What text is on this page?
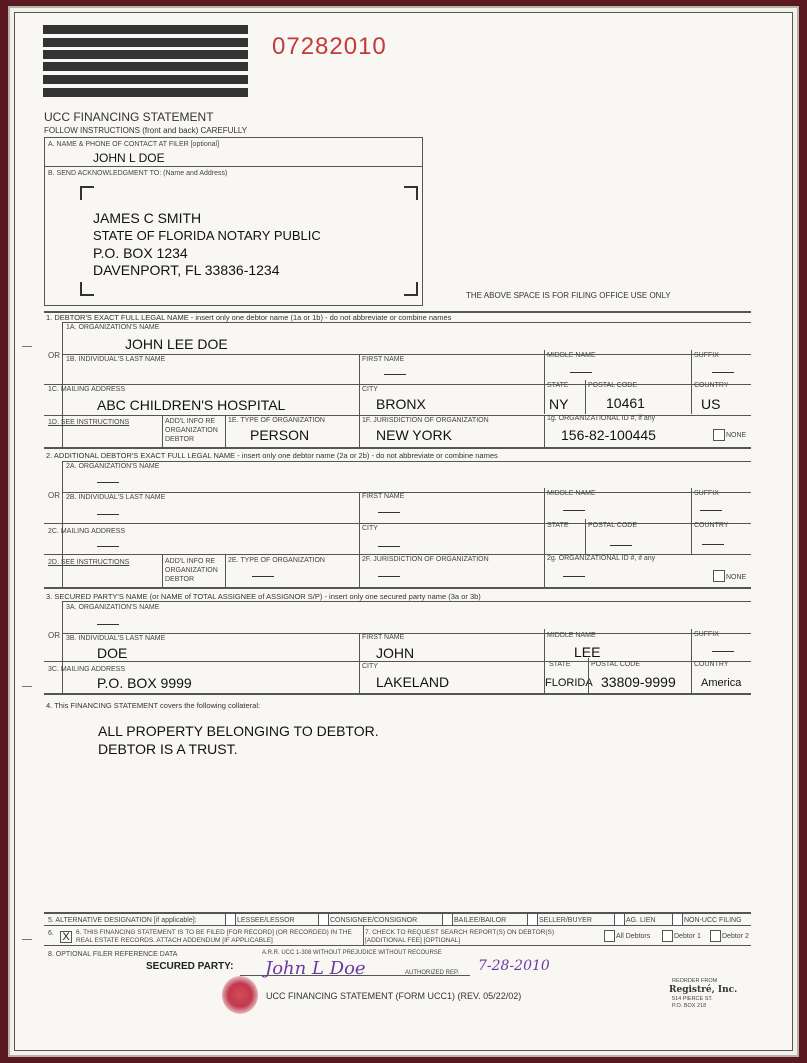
07282010
UCC FINANCING STATEMENT
FOLLOW INSTRUCTIONS (front and back) CAREFULLY
A. NAME & PHONE OF CONTACT AT FILER [optional]
JOHN L DOE
B. SEND ACKNOWLEDGMENT TO: (Name and Address)
JAMES C SMITH
STATE OF FLORIDA NOTARY PUBLIC
P.O. BOX 1234
DAVENPORT, FL 33836-1234
THE ABOVE SPACE IS FOR FILING OFFICE USE ONLY
1. DEBTOR'S EXACT FULL LEGAL NAME - insert only one debtor name (1a or 1b) - do not abbreviate or combine names
1A. ORGANIZATION'S NAME
JOHN LEE DOE
OR 1B. INDIVIDUAL'S LAST NAME	FIRST NAME
MIDDLE NAME	SUFFIX
1C. MAILING ADDRESS
ABC CHILDREN'S HOSPITAL
CITY
BRONX
STATE
NY
POSTAL CODE
10461
COUNTRY
US
1D. SEE INSTRUCTIONS	ADD'L INFO RE ORGANIZATION DEBTOR
1E. TYPE OF ORGANIZATION
PERSON
1F. JURISDICTION OF ORGANIZATION
NEW YORK
1g. ORGANIZATIONAL ID #, if any
156-82-100445	NONE
2. ADDITIONAL DEBTOR'S EXACT FULL LEGAL NAME - insert only one debtor name (2a or 2b) - do not abbreviate or combine names
2A. ORGANIZATION'S NAME
OR 2B. INDIVIDUAL'S LAST NAME	FIRST NAME	MIDDLE NAME	SUFFIX
2C. MAILING ADDRESS	CITY	STATE	POSTAL CODE	COUNTRY
2D. SEE INSTRUCTIONS	ADD'L INFO RE ORGANIZATION DEBTOR
2E. TYPE OF ORGANIZATION	2F. JURISDICTION OF ORGANIZATION	2g. ORGANIZATIONAL ID #, if any
NONE
3. SECURED PARTY'S NAME (or NAME of TOTAL ASSIGNEE of ASSIGNOR S/P) - insert only one secured party name (3a or 3b)
3A. ORGANIZATION'S NAME
OR 3B. INDIVIDUAL'S LAST NAME
DOE
FIRST NAME
JOHN
MIDDLE NAME
LEE
SUFFIX
3C. MAILING ADDRESS
P.O. BOX 9999
CITY
LAKELAND
STATE
FLORIDA
POSTAL CODE
33809-9999
COUNTRY
America
4. This FINANCING STATEMENT covers the following collateral:
ALL PROPERTY BELONGING TO DEBTOR.
DEBTOR IS A TRUST.
5. ALTERNATIVE DESIGNATION [if applicable]:	LESSEE/LESSOR	CONSIGNEE/CONSIGNOR	BAILEE/BAILOR	SELLER/BUYER	AG. LIEN	NON-UCC FILING
X
6.	6. THIS FINANCING STATEMENT IS TO BE FILED [FOR RECORD] (OR RECORDED) IN THE REAL ESTATE RECORDS. ATTACH ADDENDUM [IF APPLICABLE]
7. CHECK TO REQUEST SEARCH REPORT(S) ON DEBTOR(S) [ADDITIONAL FEE] [OPTIONAL]
All Debtors	Debtor 1	Debtor 2
8. OPTIONAL FILER REFERENCE DATA	A.R.R. UCC 1-308 WITHOUT PREJUDICE WITHOUT RECOURSE
SECURED PARTY: John L Doe	AUTHORIZED REP. 7-28-2010
UCC FINANCING STATEMENT (FORM UCC1) (REV. 05/22/02)
REORDER FROM
Registré, Inc.
514 PIERCE ST.
P.O. BOX 218
